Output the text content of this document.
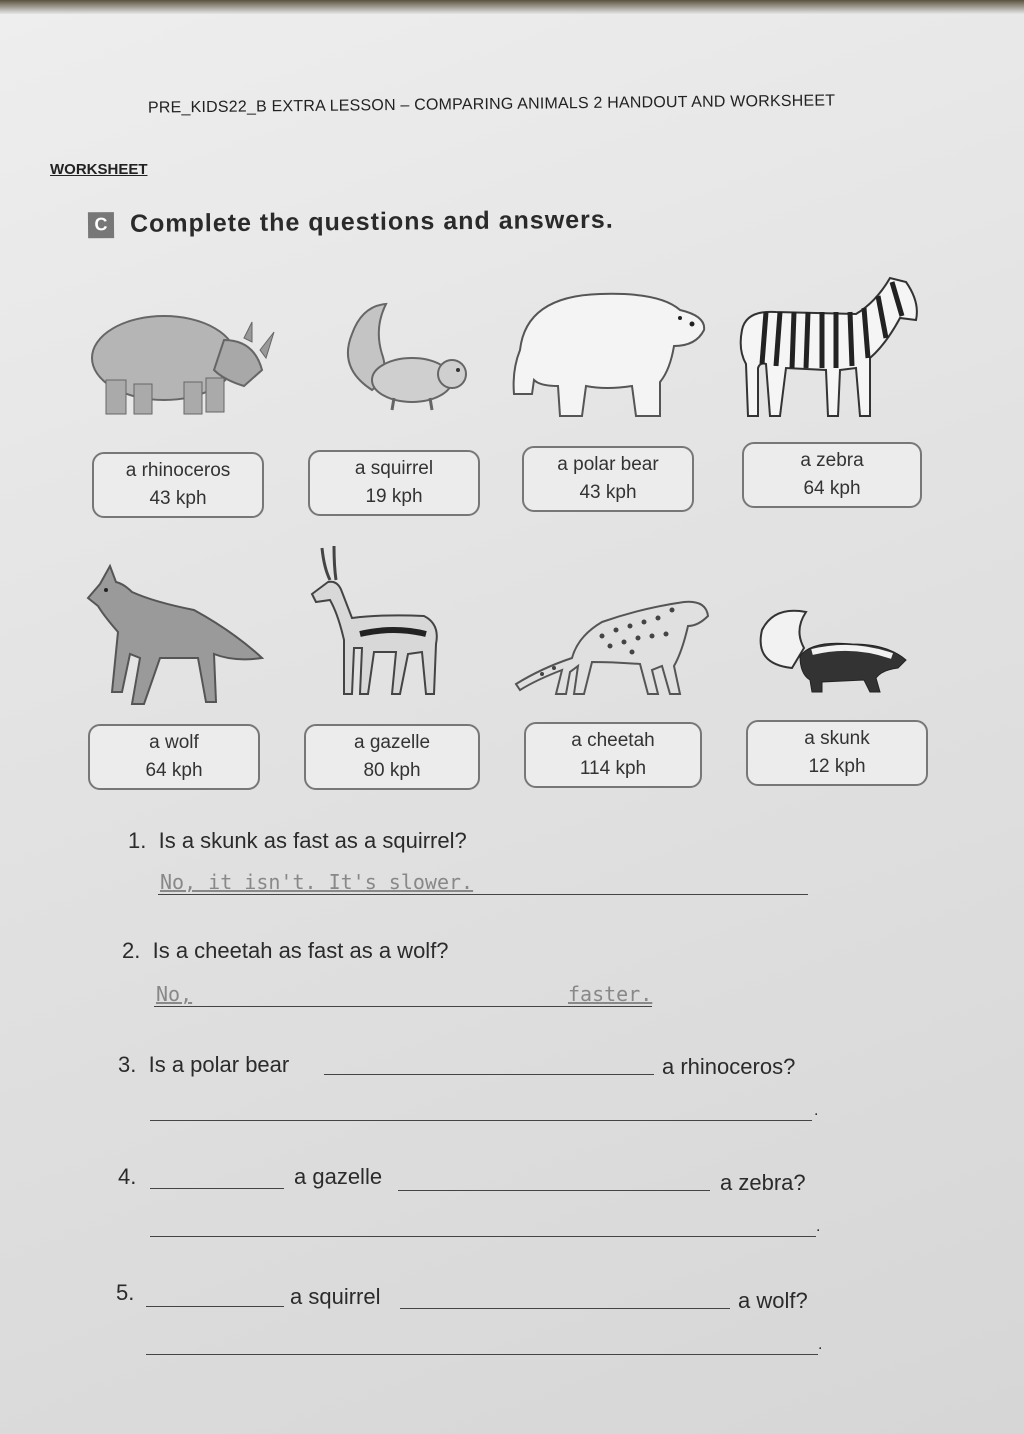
PRE_KIDS22_B EXTRA LESSON – COMPARING ANIMALS 2 HANDOUT AND WORKSHEET
WORKSHEET
C Complete the questions and answers.
a rhinoceros
43 kph
a squirrel
19 kph
a polar bear
43 kph
a zebra
64 kph
a wolf
64 kph
a gazelle
80 kph
a cheetah
114 kph
a skunk
12 kph
1. Is a skunk as fast as a squirrel?
No, it isn't. It's slower.
2. Is a cheetah as fast as a wolf?
No,	faster.
3. Is a polar bear	a rhinoceros?
.
4.	a gazelle	a zebra?
.
5.	a squirrel	a wolf?
.
